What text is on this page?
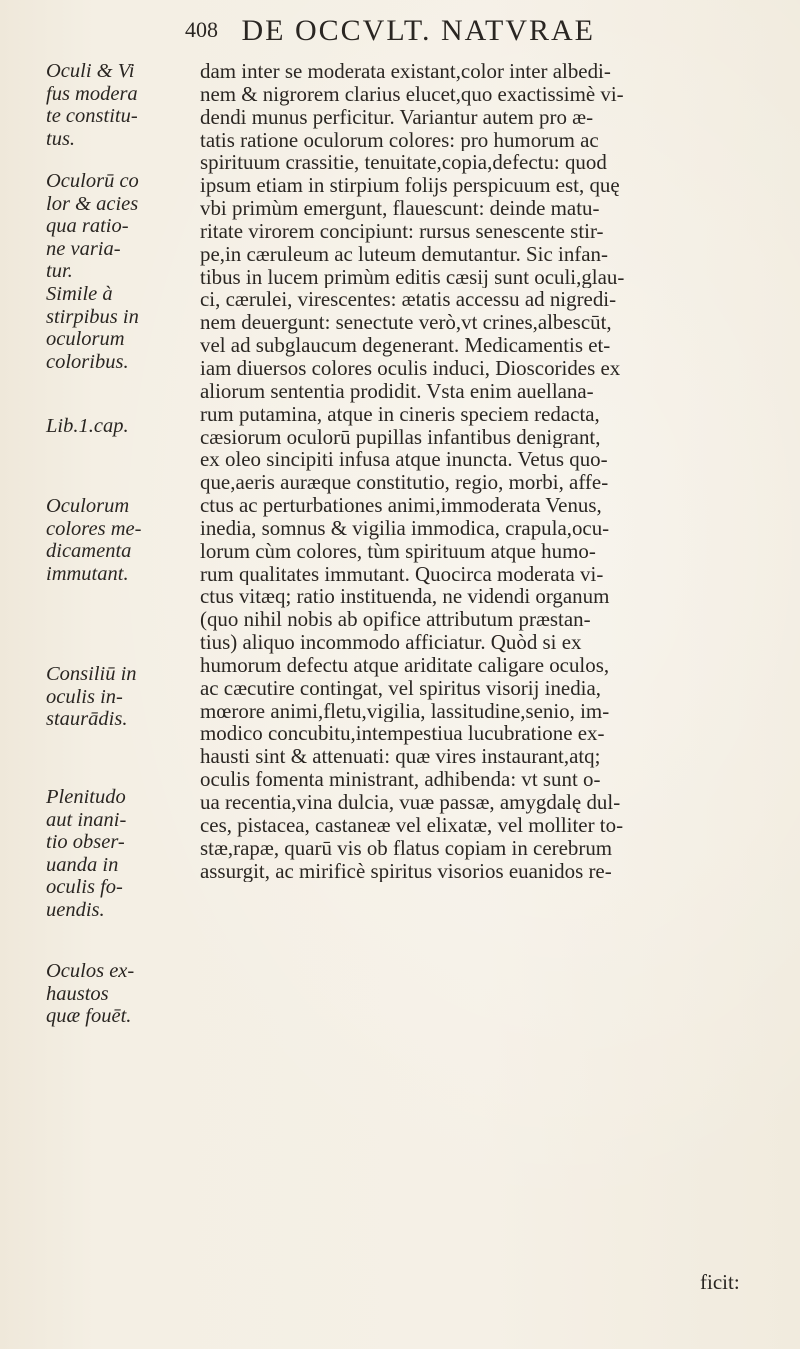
408 DE OCCVLT. NATVRAE
Oculi & Vi
fus modera
te constitu-
tus.
Oculorū co
lor & acies
qua ratio-
ne varia-
tur.
Simile à
stirpibus in
oculorum
coloribus.
Lib.1.cap.
Oculorum
colores me-
dicamenta
immutant.
Consiliū in
oculis in-
staurādis.
Plenitudo
aut inani-
tio obser-
uanda in
oculis fo-
uendis.
Oculos ex-
haustos
quæ fouēt.
dam inter se moderata existant,color inter albedi-
nem & nigrorem clarius elucet,quo exactissimè vi-
dendi munus perficitur. Variantur autem pro æ-
tatis ratione oculorum colores: pro humorum ac
spirituum crassitie, tenuitate,copia,defectu: quod
ipsum etiam in stirpium folijs perspicuum est, quę
vbi primùm emergunt, flauescunt: deinde matu-
ritate virorem concipiunt: rursus senescente stir-
pe,in cæruleum ac luteum demutantur. Sic infan-
tibus in lucem primùm editis cæsij sunt oculi,glau-
ci, cærulei, virescentes: ætatis accessu ad nigredi-
nem deuergunt: senectute verò,vt crines,albescūt,
vel ad subglaucum degenerant. Medicamentis et-
iam diuersos colores oculis induci, Dioscorides ex
aliorum sententia prodidit. Vsta enim auellana-
rum putamina, atque in cineris speciem redacta,
cæsiorum oculorū pupillas infantibus denigrant,
ex oleo sincipiti infusa atque inuncta. Vetus quo-
que,aeris auræque constitutio, regio, morbi, affe-
ctus ac perturbationes animi,immoderata Venus,
inedia, somnus & vigilia immodica, crapula,ocu-
lorum cùm colores, tùm spirituum atque humo-
rum qualitates immutant. Quocirca moderata vi-
ctus vitæq; ratio instituenda, ne videndi organum
(quo nihil nobis ab opifice attributum præstan-
tius) aliquo incommodo afficiatur. Quòd si ex
humorum defectu atque ariditate caligare oculos,
ac cæcutire contingat, vel spiritus visorij inedia,
mœrore animi,fletu,vigilia, lassitudine,senio, im-
modico concubitu,intempestiua lucubratione ex-
hausti sint & attenuati: quæ vires instaurant,atq;
oculis fomenta ministrant, adhibenda: vt sunt o-
ua recentia,vina dulcia, vuæ passæ, amygdalę dul-
ces, pistacea, castaneæ vel elixatæ, vel molliter to-
stæ,rapæ, quarū vis ob flatus copiam in cerebrum
assurgit, ac mirificè spiritus visorios euanidos re-
ficit:
